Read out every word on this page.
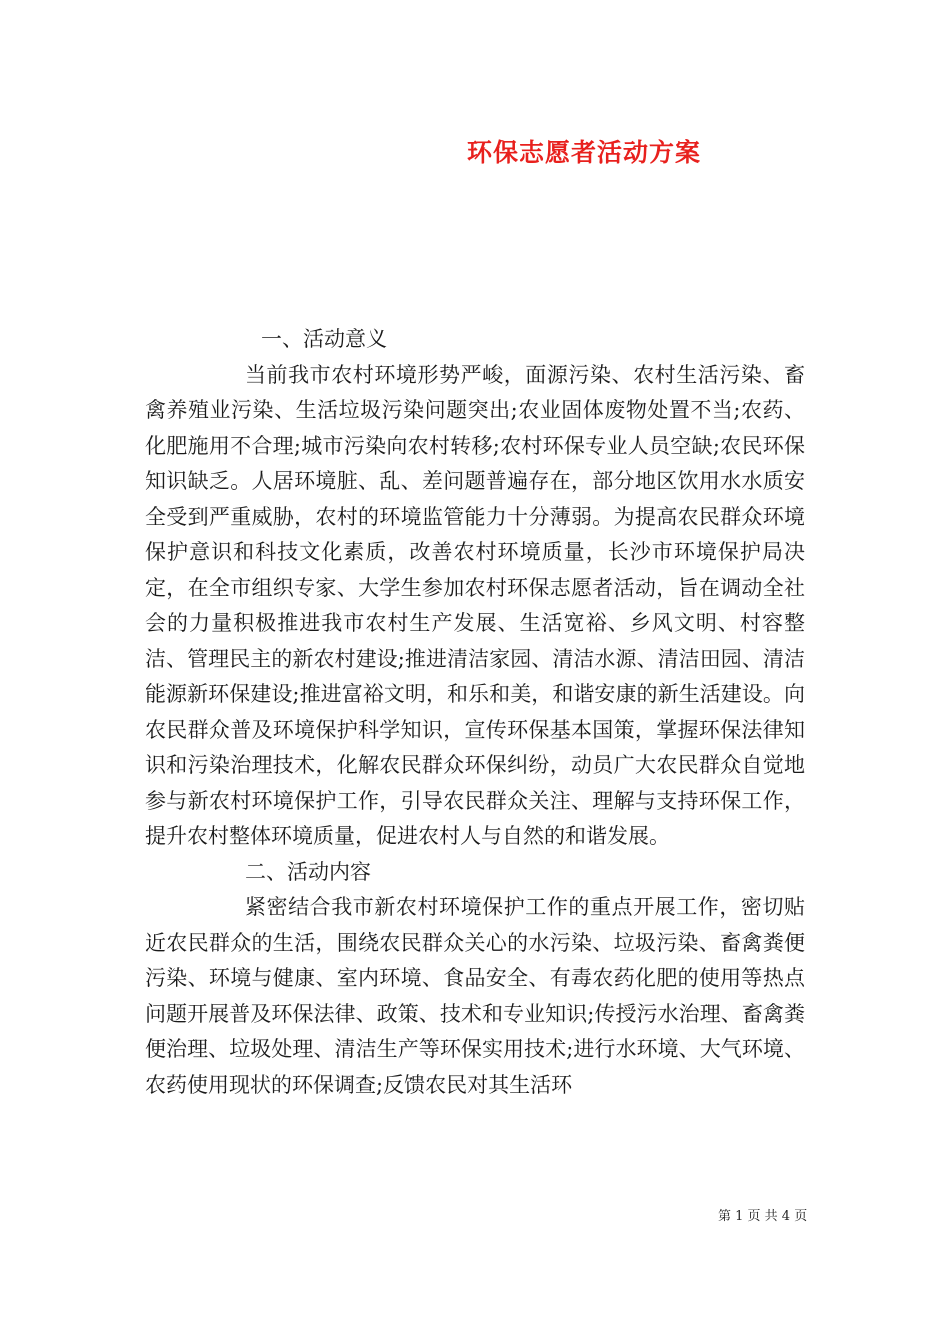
环保志愿者活动方案

一、活动意义

当前我市农村环境形势严峻，面源污染、农村生活污染、畜禽养殖业污染、生活垃圾污染问题突出;农业固体废物处置不当;农药、化肥施用不合理;城市污染向农村转移;农村环保专业人员空缺;农民环保知识缺乏。人居环境脏、乱、差问题普遍存在，部分地区饮用水水质安全受到严重威胁，农村的环境监管能力十分薄弱。为提高农民群众环境保护意识和科技文化素质，改善农村环境质量，长沙市环境保护局决定，在全市组织专家、大学生参加农村环保志愿者活动，旨在调动全社会的力量积极推进我市农村生产发展、生活宽裕、乡风文明、村容整洁、管理民主的新农村建设;推进清洁家园、清洁水源、清洁田园、清洁能源新环保建设;推进富裕文明，和乐和美，和谐安康的新生活建设。向农民群众普及环境保护科学知识，宣传环保基本国策，掌握环保法律知识和污染治理技术，化解农民群众环保纠纷，动员广大农民群众自觉地参与新农村环境保护工作，引导农民群众关注、理解与支持环保工作，提升农村整体环境质量，促进农村人与自然的和谐发展。

二、活动内容

紧密结合我市新农村环境保护工作的重点开展工作，密切贴近农民群众的生活，围绕农民群众关心的水污染、垃圾污染、畜禽粪便污染、环境与健康、室内环境、食品安全、有毒农药化肥的使用等热点问题开展普及环保法律、政策、技术和专业知识;传授污水治理、畜禽粪便治理、垃圾处理、清洁生产等环保实用技术;进行水环境、大气环境、农药使用现状的环保调查;反馈农民对其生活环

第 1 页 共 4 页
